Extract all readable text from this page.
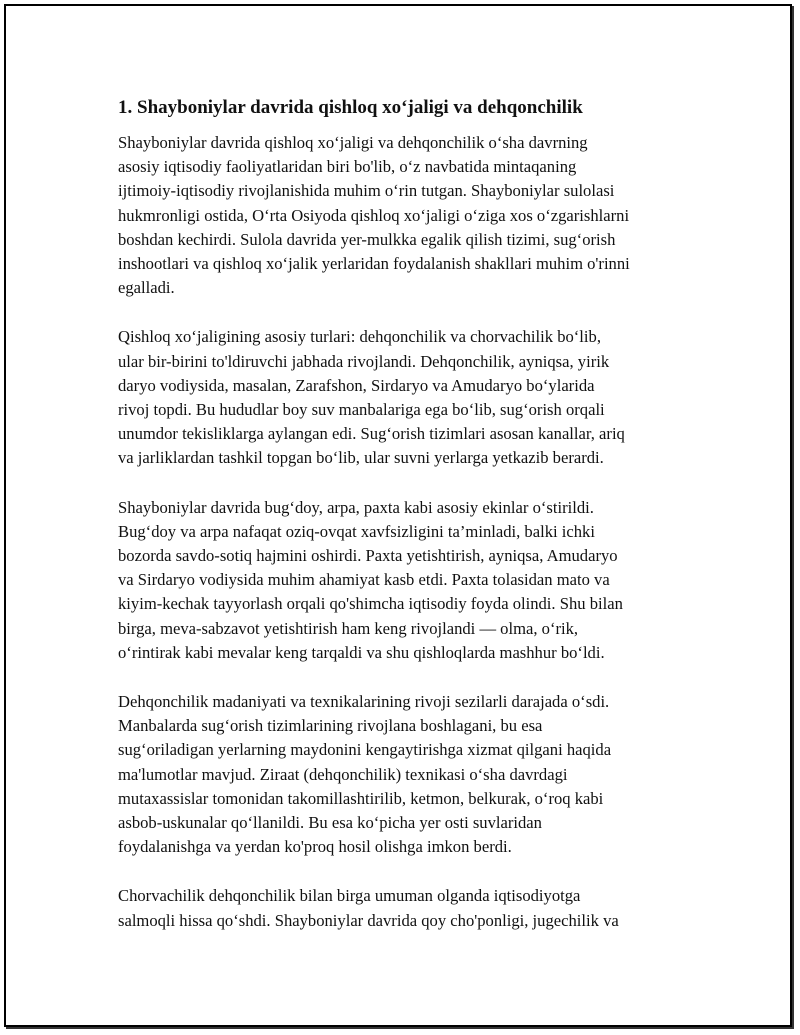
1. Shayboniylar davrida qishloq xo‘jaligi va dehqonchilik

Shayboniylar davrida qishloq xo‘jaligi va dehqonchilik o‘sha davrning
asosiy iqtisodiy faoliyatlaridan biri bo'lib, o‘z navbatida mintaqaning
ijtimoiy-iqtisodiy rivojlanishida muhim o‘rin tutgan. Shayboniylar sulolasi
hukmronligi ostida, O‘rta Osiyoda qishloq xo‘jaligi o‘ziga xos o‘zgarishlarni
boshdan kechirdi. Sulola davrida yer-mulkka egalik qilish tizimi, sug‘orish
inshootlari va qishloq xo‘jalik yerlaridan foydalanish shakllari muhim o'rinni
egalladi.

Qishloq xo‘jaligining asosiy turlari: dehqonchilik va chorvachilik bo‘lib,
ular bir-birini to'ldiruvchi jabhada rivojlandi. Dehqonchilik, ayniqsa, yirik
daryo vodiysida, masalan, Zarafshon, Sirdaryo va Amudaryo bo‘ylarida
rivoj topdi. Bu hududlar boy suv manbalariga ega bo‘lib, sug‘orish orqali
unumdor tekisliklarga aylangan edi. Sug‘orish tizimlari asosan kanallar, ariq
va jarliklardan tashkil topgan bo‘lib, ular suvni yerlarga yetkazib berardi.

Shayboniylar davrida bug‘doy, arpa, paxta kabi asosiy ekinlar o‘stirildi.
Bug‘doy va arpa nafaqat oziq-ovqat xavfsizligini ta’minladi, balki ichki
bozorda savdo-sotiq hajmini oshirdi. Paxta yetishtirish, ayniqsa, Amudaryo
va Sirdaryo vodiysida muhim ahamiyat kasb etdi. Paxta tolasidan mato va
kiyim-kechak tayyorlash orqali qo'shimcha iqtisodiy foyda olindi. Shu bilan
birga, meva-sabzavot yetishtirish ham keng rivojlandi — olma, o‘rik,
o‘rintirak kabi mevalar keng tarqaldi va shu qishloqlarda mashhur bo‘ldi.

Dehqonchilik madaniyati va texnikalarining rivoji sezilarli darajada o‘sdi.
Manbalarda sug‘orish tizimlarining rivojlana boshlagani, bu esa
sug‘oriladigan yerlarning maydonini kengaytirishga xizmat qilgani haqida
ma'lumotlar mavjud. Ziraat (dehqonchilik) texnikasi o‘sha davrdagi
mutaxassislar tomonidan takomillashtirilib, ketmon, belkurak, o‘roq kabi
asbob-uskunalar qo‘llanildi. Bu esa ko‘picha yer osti suvlaridan
foydalanishga va yerdan ko'proq hosil olishga imkon berdi.

Chorvachilik dehqonchilik bilan birga umuman olganda iqtisodiyotga
salmoqli hissa qo‘shdi. Shayboniylar davrida qoy cho'ponligi, jugechilik va
